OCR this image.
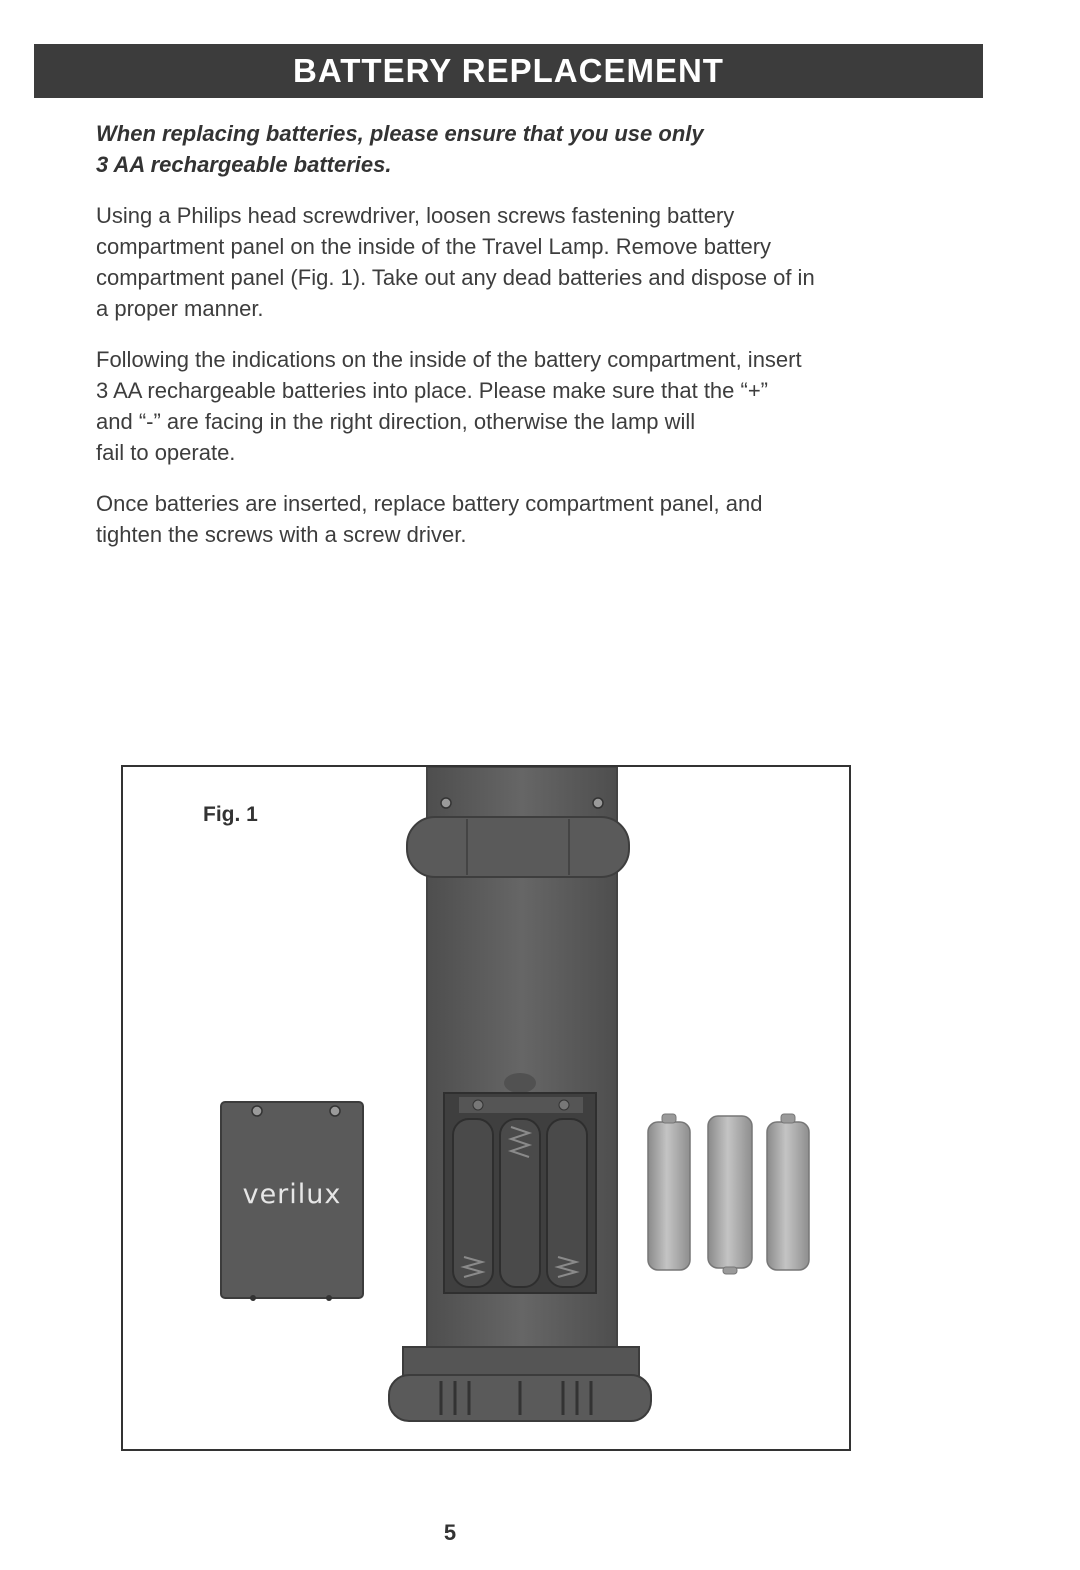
BATTERY REPLACEMENT

When replacing batteries, please ensure that you use only
3 AA rechargeable batteries.

Using a Philips head screwdriver, loosen screws fastening battery
compartment panel on the inside of the Travel Lamp. Remove battery
compartment panel (Fig. 1). Take out any dead batteries and dispose of in
a proper manner.

Following the indications on the inside of the battery compartment, insert
3 AA rechargeable batteries into place. Please make sure that the “+”
and “-” are facing in the right direction, otherwise the lamp will
fail to operate.

Once batteries are inserted, replace battery compartment panel, and
tighten the screws with a screw driver.

Fig. 1
verilux
5
